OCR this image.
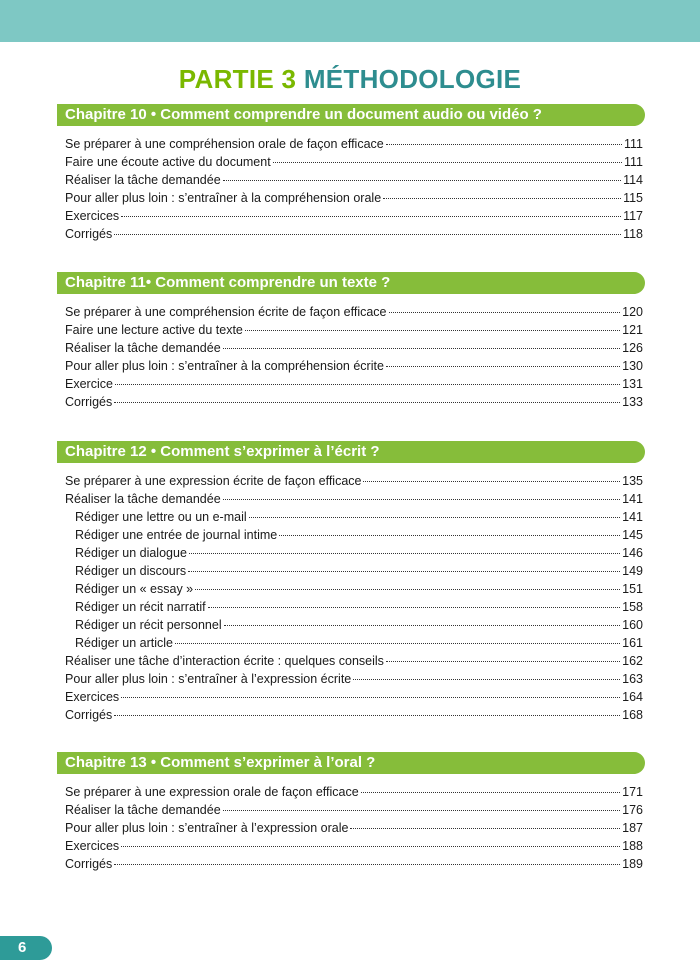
PARTIE 3 MÉTHODOLOGIE
Chapitre 10 • Comment comprendre un document audio ou vidéo ?
Se préparer à une compréhension orale de façon efficace	111
Faire une écoute active du document	111
Réaliser la tâche demandée	114
Pour aller plus loin : s’entraîner à la compréhension orale	115
Exercices	117
Corrigés	118
Chapitre 11• Comment comprendre un texte ?
Se préparer à une compréhension écrite de façon efficace	120
Faire une lecture active du texte	121
Réaliser la tâche demandée	126
Pour aller plus loin : s’entraîner à la compréhension écrite	130
Exercice	131
Corrigés	133
Chapitre 12 • Comment s’exprimer à l’écrit ?
Se préparer à une expression écrite de façon efficace	135
Réaliser la tâche demandée	141
Rédiger une lettre ou un e-mail	141
Rédiger une entrée de journal intime	145
Rédiger un dialogue	146
Rédiger un discours	149
Rédiger un « essay »	151
Rédiger un récit narratif	158
Rédiger un récit personnel	160
Rédiger un article	161
Réaliser une tâche d’interaction écrite : quelques conseils	162
Pour aller plus loin : s’entraîner à l’expression écrite	163
Exercices	164
Corrigés	168
Chapitre 13 • Comment s’exprimer à l’oral ?
Se préparer à une expression orale de façon efficace	171
Réaliser la tâche demandée	176
Pour aller plus loin : s’entraîner à l’expression orale	187
Exercices	188
Corrigés	189
6
